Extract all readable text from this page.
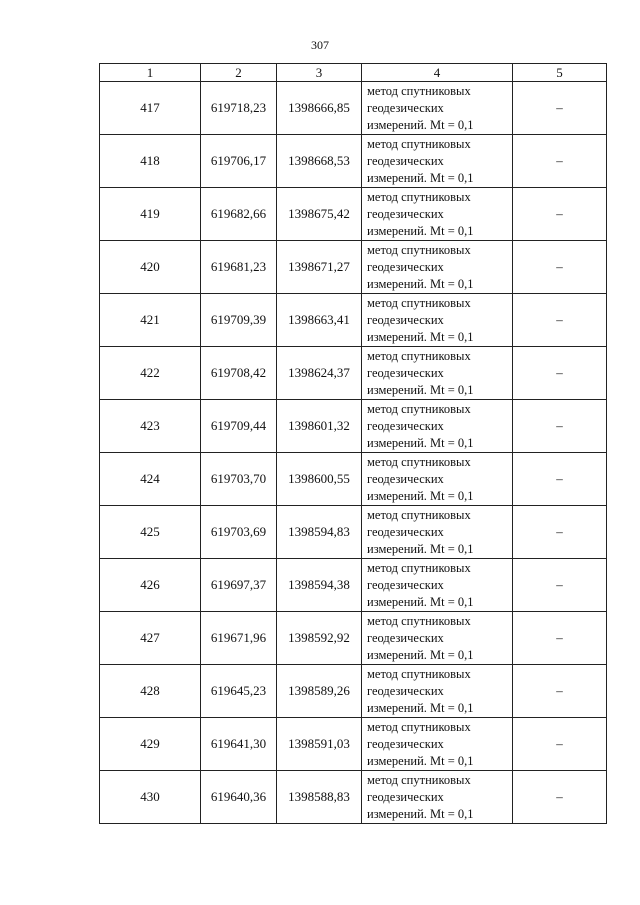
307
1	2	3	4	5
417	619718,23	1398666,85	метод спутниковых
геодезических
измерений. Mt = 0,1	–
418	619706,17	1398668,53	метод спутниковых
геодезических
измерений. Mt = 0,1	–
419	619682,66	1398675,42	метод спутниковых
геодезических
измерений. Mt = 0,1	–
420	619681,23	1398671,27	метод спутниковых
геодезических
измерений. Mt = 0,1	–
421	619709,39	1398663,41	метод спутниковых
геодезических
измерений. Mt = 0,1	–
422	619708,42	1398624,37	метод спутниковых
геодезических
измерений. Mt = 0,1	–
423	619709,44	1398601,32	метод спутниковых
геодезических
измерений. Mt = 0,1	–
424	619703,70	1398600,55	метод спутниковых
геодезических
измерений. Mt = 0,1	–
425	619703,69	1398594,83	метод спутниковых
геодезических
измерений. Mt = 0,1	–
426	619697,37	1398594,38	метод спутниковых
геодезических
измерений. Mt = 0,1	–
427	619671,96	1398592,92	метод спутниковых
геодезических
измерений. Mt = 0,1	–
428	619645,23	1398589,26	метод спутниковых
геодезических
измерений. Mt = 0,1	–
429	619641,30	1398591,03	метод спутниковых
геодезических
измерений. Mt = 0,1	–
430	619640,36	1398588,83	метод спутниковых
геодезических
измерений. Mt = 0,1	–
